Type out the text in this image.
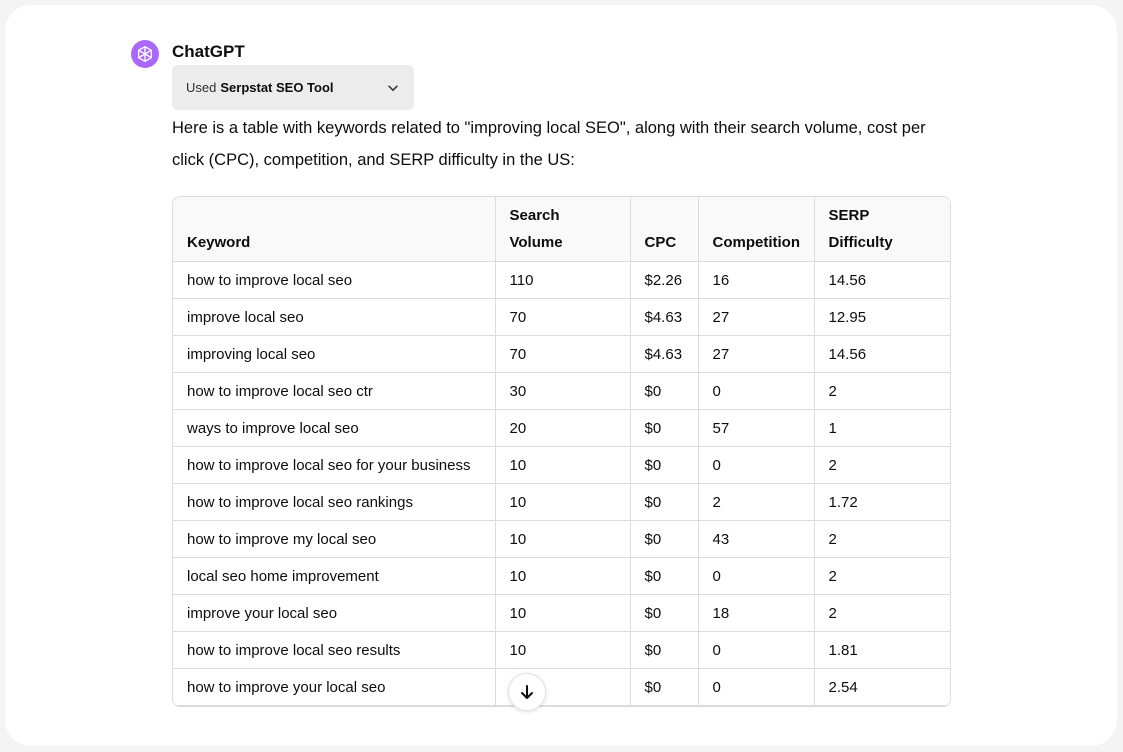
ChatGPT
Used Serpstat SEO Tool
Here is a table with keywords related to "improving local SEO", along with their search volume, cost per click (CPC), competition, and SERP difficulty in the US:
Keyword	Search Volume	CPC	Competition	SERP Difficulty
how to improve local seo	110	$2.26	16	14.56
improve local seo	70	$4.63	27	12.95
improving local seo	70	$4.63	27	14.56
how to improve local seo ctr	30	$0	0	2
ways to improve local seo	20	$0	57	1
how to improve local seo for your business	10	$0	0	2
how to improve local seo rankings	10	$0	2	1.72
how to improve my local seo	10	$0	43	2
local seo home improvement	10	$0	0	2
improve your local seo	10	$0	18	2
how to improve local seo results	10	$0	0	1.81
how to improve your local seo		$0	0	2.54
